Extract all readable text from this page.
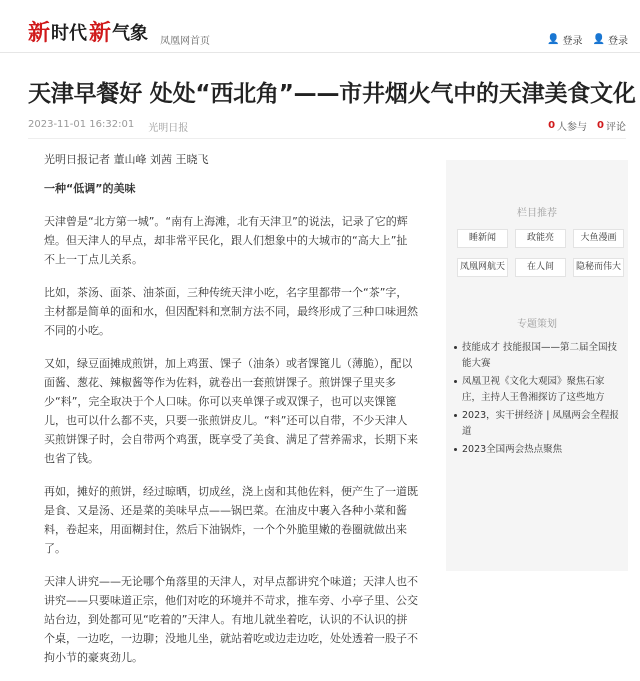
新 时代 新 气象 凤凰网首页	👤 登录 👤 登录
天津早餐好 处处“西北角”——市井烟火气中的天津美食文化
2023-11-01 16:32:01 光明日报	0 人参与 0 评论

光明日报记者 董山峰 刘茜 王晓飞

一种“低调”的美味

天津曾是“北方第一城”。“南有上海滩，北有天津卫”的说法，记录了它的辉煌。但天津人的早点，却非常平民化，跟人们想象中的大城市的“高大上”扯不上一丁点儿关系。

比如，茶汤、面茶、油茶面，三种传统天津小吃，名字里都带一个“茶”字，主材都是简单的面和水，但因配料和烹制方法不同，最终形成了三种口味迥然不同的小吃。

又如，绿豆面摊成煎饼，加上鸡蛋、馃子（油条）或者馃篦儿（薄脆），配以面酱、葱花、辣椒酱等作为佐料，就卷出一套煎饼馃子。煎饼馃子里夹多少“料”，完全取决于个人口味。你可以夹单馃子或双馃子，也可以夹馃篦儿，也可以什么都不夹，只要一张煎饼皮儿。“料”还可以自带，不少天津人买煎饼馃子时，会自带两个鸡蛋，既享受了美食、满足了营养需求，长期下来也省了钱。

再如，摊好的煎饼，经过晾晒，切成丝，浇上卤和其他佐料，便产生了一道既是食、又是汤、还是菜的美味早点——锅巴菜。在油皮中裹入各种小菜和酱料，卷起来，用面糊封住，然后下油锅炸，一个个外脆里嫩的卷圈就做出来了。

天津人讲究——无论哪个角落里的天津人，对早点都讲究个味道；天津人也不讲究——只要味道正宗，他们对吃的环境并不苛求，推车旁、小亭子里、公交站台边，到处都可见“吃着的”天津人。有地儿就坐着吃，认识的不认识的拼个桌，一边吃，一边聊；没地儿坐，就站着吃或边走边吃，处处透着一股子不拘小节的豪爽劲儿。

栏目推荐
睡新闻	政能亮	大鱼漫画
凤凰网航天	在人间	隐秘而伟大
专题策划
技能成才 技能报国——第二届全国技能大赛
凤凰卫视《文化大观园》聚焦石家庄，主持人王鲁湘探访了这些地方
2023，实干拼经济 | 凤凰两会全程报道
2023全国两会热点聚焦
